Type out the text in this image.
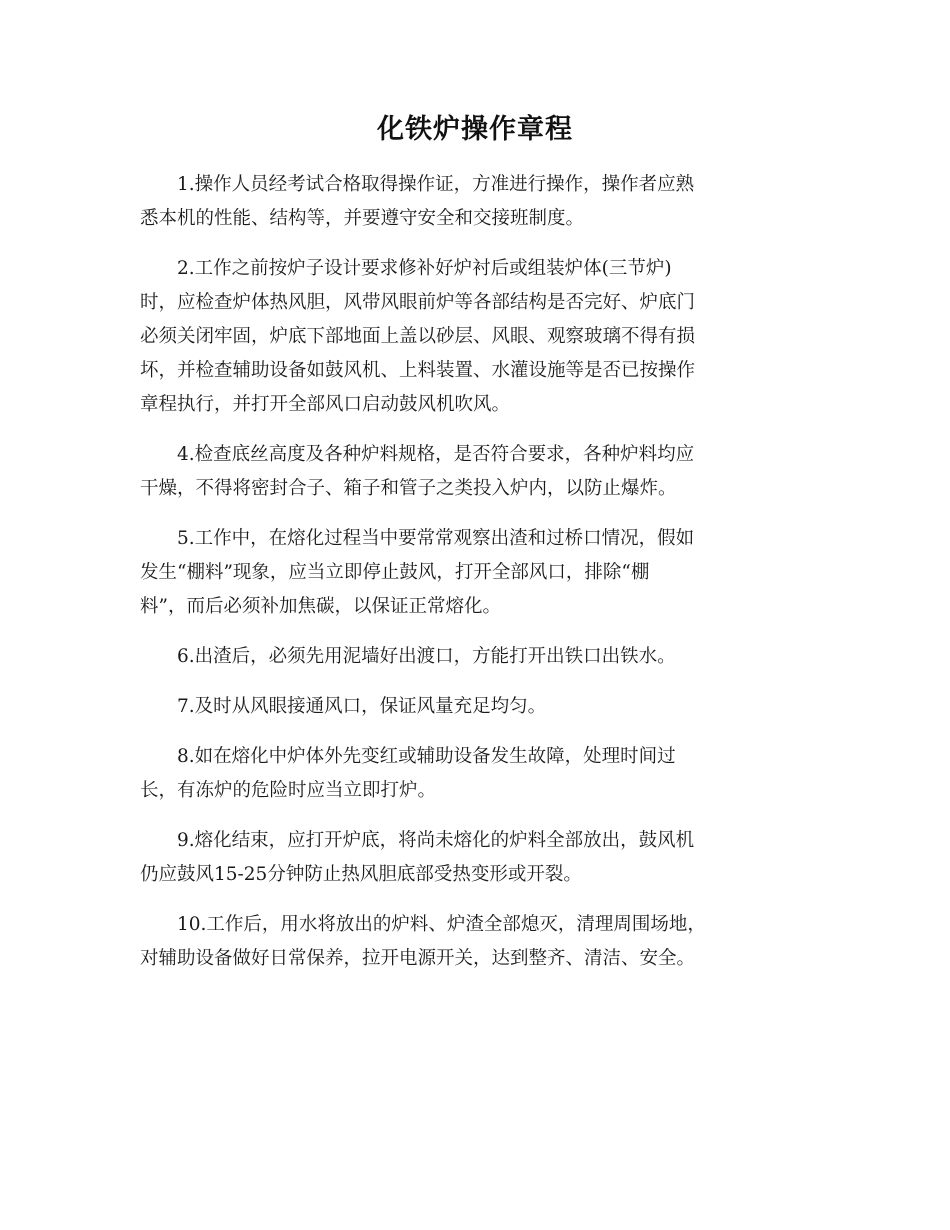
化铁炉操作章程

1.操作人员经考试合格取得操作证，方准进行操作，操作者应熟
悉本机的性能、结构等，并要遵守安全和交接班制度。

2.工作之前按炉子设计要求修补好炉衬后或组装炉体(三节炉)
时，应检查炉体热风胆，风带风眼前炉等各部结构是否完好、炉底门
必须关闭牢固，炉底下部地面上盖以砂层、风眼、观察玻璃不得有损
坏，并检查辅助设备如鼓风机、上料装置、水灌设施等是否已按操作
章程执行，并打开全部风口启动鼓风机吹风。

4.检查底丝高度及各种炉料规格，是否符合要求，各种炉料均应
干燥，不得将密封合子、箱子和管子之类投入炉内，以防止爆炸。

5.工作中，在熔化过程当中要常常观察出渣和过桥口情况，假如
发生“棚料”现象，应当立即停止鼓风，打开全部风口，排除“棚
料”，而后必须补加焦碳，以保证正常熔化。

6.出渣后，必须先用泥墙好出渡口，方能打开出铁口出铁水。

7.及时从风眼接通风口，保证风量充足均匀。

8.如在熔化中炉体外先变红或辅助设备发生故障，处理时间过
长，有冻炉的危险时应当立即打炉。

9.熔化结束，应打开炉底，将尚未熔化的炉料全部放出，鼓风机
仍应鼓风15-25分钟防止热风胆底部受热变形或开裂。

10.工作后，用水将放出的炉料、炉渣全部熄灭，清理周围场地，
对辅助设备做好日常保养，拉开电源开关，达到整齐、清洁、安全。
